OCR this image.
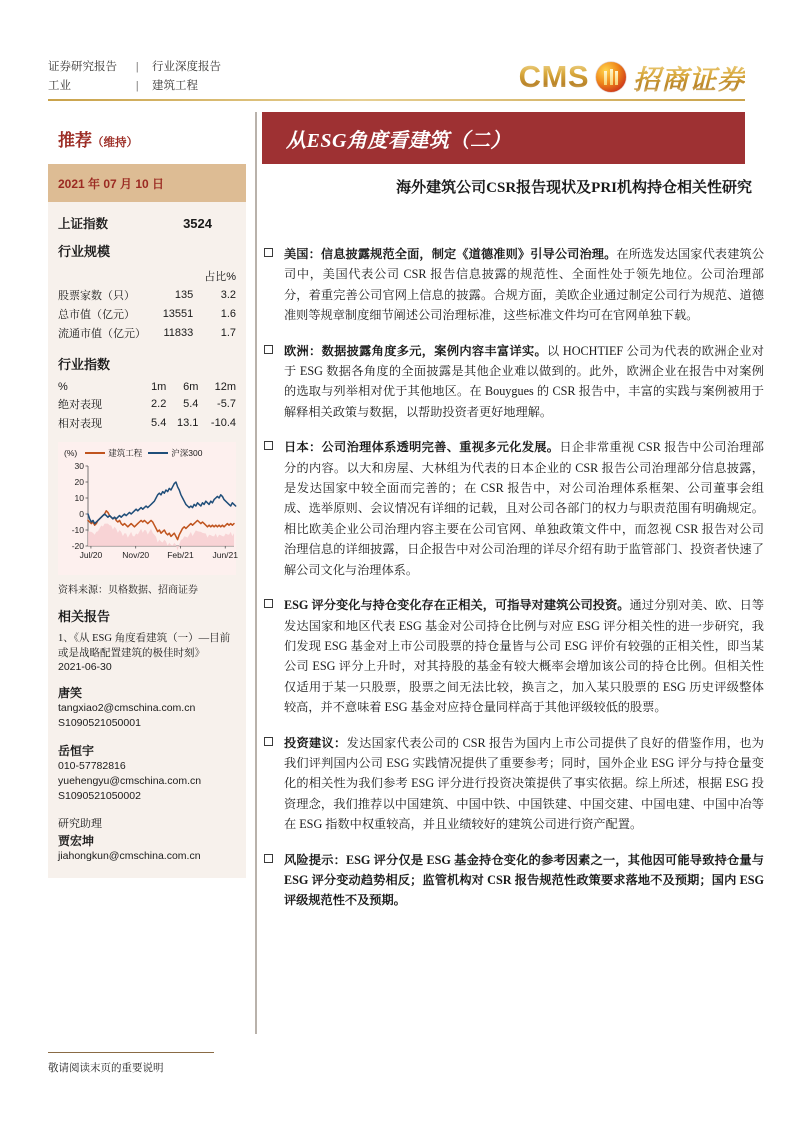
证券研究报告	|	行业深度报告
工业	|	建筑工程	CMS 招商证券
推荐（维持）
2021 年 07 月 10 日
上证指数	3524
行业规模
		占比%
股票家数（只）	135	3.2
总市值（亿元）	13551	1.6
流通市值（亿元）	11833	1.7
行业指数
%	1m	6m	12m
绝对表现	2.2	5.4	-5.7
相对表现	5.4	13.1	-10.4
(%)	建筑工程	沪深300
-20
-10
0
10
20
30
Jul/20 Nov/20 Feb/21 Jun/21
资料来源：贝格数据、招商证券
相关报告
1、《从 ESG 角度看建筑（一）—目前或是战略配置建筑的极佳时刻》
2021-06-30
唐笑
tangxiao2@cmschina.com.cn
S1090521050001
岳恒宇
010-57782816
yuehengyu@cmschina.com.cn
S1090521050002
研究助理
贾宏坤
jiahongkun@cmschina.com.cn
从ESG角度看建筑（二）
海外建筑公司CSR报告现状及PRI机构持仓相关性研究
美国：信息披露规范全面，制定《道德准则》引导公司治理。在所选发达国家代表建筑公司中，美国代表公司 CSR 报告信息披露的规范性、全面性处于领先地位。公司治理部分，着重完善公司官网上信息的披露。合规方面，美欧企业通过制定公司行为规范、道德准则等规章制度细节阐述公司治理标准，这些标准文件均可在官网单独下载。
欧洲：数据披露角度多元，案例内容丰富详实。以 HOCHTIEF 公司为代表的欧洲企业对于 ESG 数据各角度的全面披露是其他企业难以做到的。此外，欧洲企业在报告中对案例的选取与列举相对优于其他地区。在 Bouygues 的 CSR 报告中，丰富的实践与案例被用于解释相关政策与数据，以帮助投资者更好地理解。
日本：公司治理体系透明完善、重视多元化发展。日企非常重视 CSR 报告中公司治理部分的内容。以大和房屋、大林组为代表的日本企业的 CSR 报告公司治理部分信息披露，是发达国家中较全面而完善的；在 CSR 报告中，对公司治理体系框架、公司董事会组成、选举原则、会议情况有详细的记载，且对公司各部门的权力与职责范围有明确规定。相比欧美企业公司治理内容主要在公司官网、单独政策文件中，而忽视 CSR 报告对公司治理信息的详细披露，日企报告中对公司治理的详尽介绍有助于监管部门、投资者快速了解公司文化与治理体系。
ESG 评分变化与持仓变化存在正相关，可指导对建筑公司投资。通过分别对美、欧、日等发达国家和地区代表 ESG 基金对公司持仓比例与对应 ESG 评分相关性的进一步研究，我们发现 ESG 基金对上市公司股票的持仓量皆与公司 ESG 评价有较强的正相关性，即当某公司 ESG 评分上升时，对其持股的基金有较大概率会增加该公司的持仓比例。但相关性仅适用于某一只股票，股票之间无法比较，换言之，加入某只股票的 ESG 历史评级整体较高，并不意味着 ESG 基金对应持仓量同样高于其他评级较低的股票。
投资建议：发达国家代表公司的 CSR 报告为国内上市公司提供了良好的借鉴作用，也为我们评判国内公司 ESG 实践情况提供了重要参考；同时，国外企业 ESG 评分与持仓量变化的相关性为我们参考 ESG 评分进行投资决策提供了事实依据。综上所述，根据 ESG 投资理念，我们推荐以中国建筑、中国中铁、中国铁建、中国交建、中国电建、中国中冶等在 ESG 指数中权重较高，并且业绩较好的建筑公司进行资产配置。
风险提示：ESG 评分仅是 ESG 基金持仓变化的参考因素之一，其他因可能导致持仓量与 ESG 评分变动趋势相反；监管机构对 CSR 报告规范性政策要求落地不及预期；国内 ESG 评级规范性不及预期。
敬请阅读末页的重要说明
